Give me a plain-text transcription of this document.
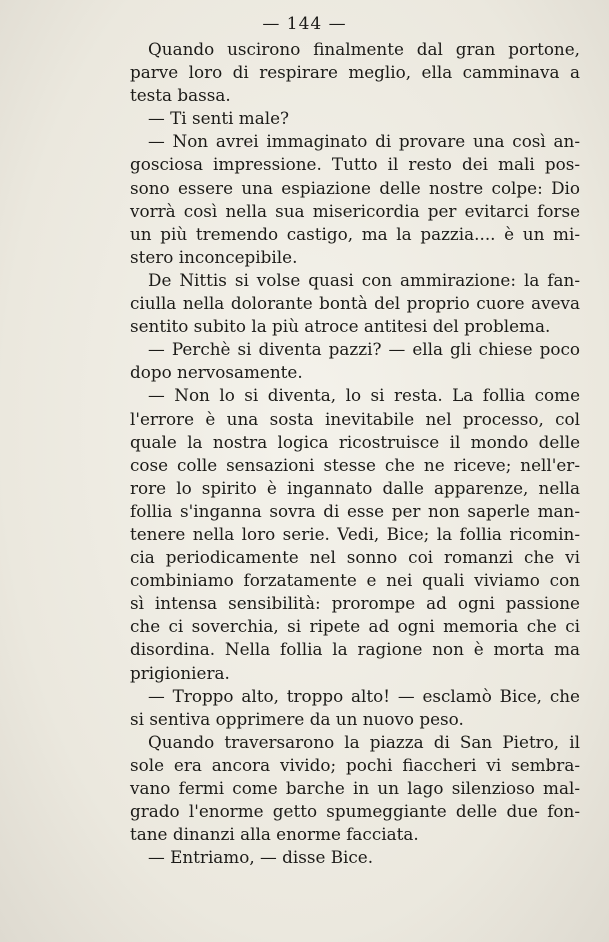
— 144 —
Quando uscirono finalmente dal gran portone,
parve loro di respirare meglio, ella camminava a
testa bassa.
— Ti senti male?
— Non avrei immaginato di provare una così an-
gosciosa impressione. Tutto il resto dei mali pos-
sono essere una espiazione delle nostre colpe: Dio
vorrà così nella sua misericordia per evitarci forse
un più tremendo castigo, ma la pazzia.... è un mi-
stero inconcepibile.
De Nittis si volse quasi con ammirazione: la fan-
ciulla nella dolorante bontà del proprio cuore aveva
sentito subito la più atroce antitesi del problema.
— Perchè si diventa pazzi? — ella gli chiese poco
dopo nervosamente.
— Non lo si diventa, lo si resta. La follia come
l'errore è una sosta inevitabile nel processo, col
quale la nostra logica ricostruisce il mondo delle
cose colle sensazioni stesse che ne riceve; nell'er-
rore lo spirito è ingannato dalle apparenze, nella
follia s'inganna sovra di esse per non saperle man-
tenere nella loro serie. Vedi, Bice; la follia ricomin-
cia periodicamente nel sonno coi romanzi che vi
combiniamo forzatamente e nei quali viviamo con
sì intensa sensibilità: prorompe ad ogni passione
che ci soverchia, si ripete ad ogni memoria che ci
disordina. Nella follia la ragione non è morta ma
prigioniera.
— Troppo alto, troppo alto! — esclamò Bice, che
si sentiva opprimere da un nuovo peso.
Quando traversarono la piazza di San Pietro, il
sole era ancora vivido; pochi fiaccheri vi sembra-
vano fermi come barche in un lago silenzioso mal-
grado l'enorme getto spumeggiante delle due fon-
tane dinanzi alla enorme facciata.
— Entriamo, — disse Bice.
